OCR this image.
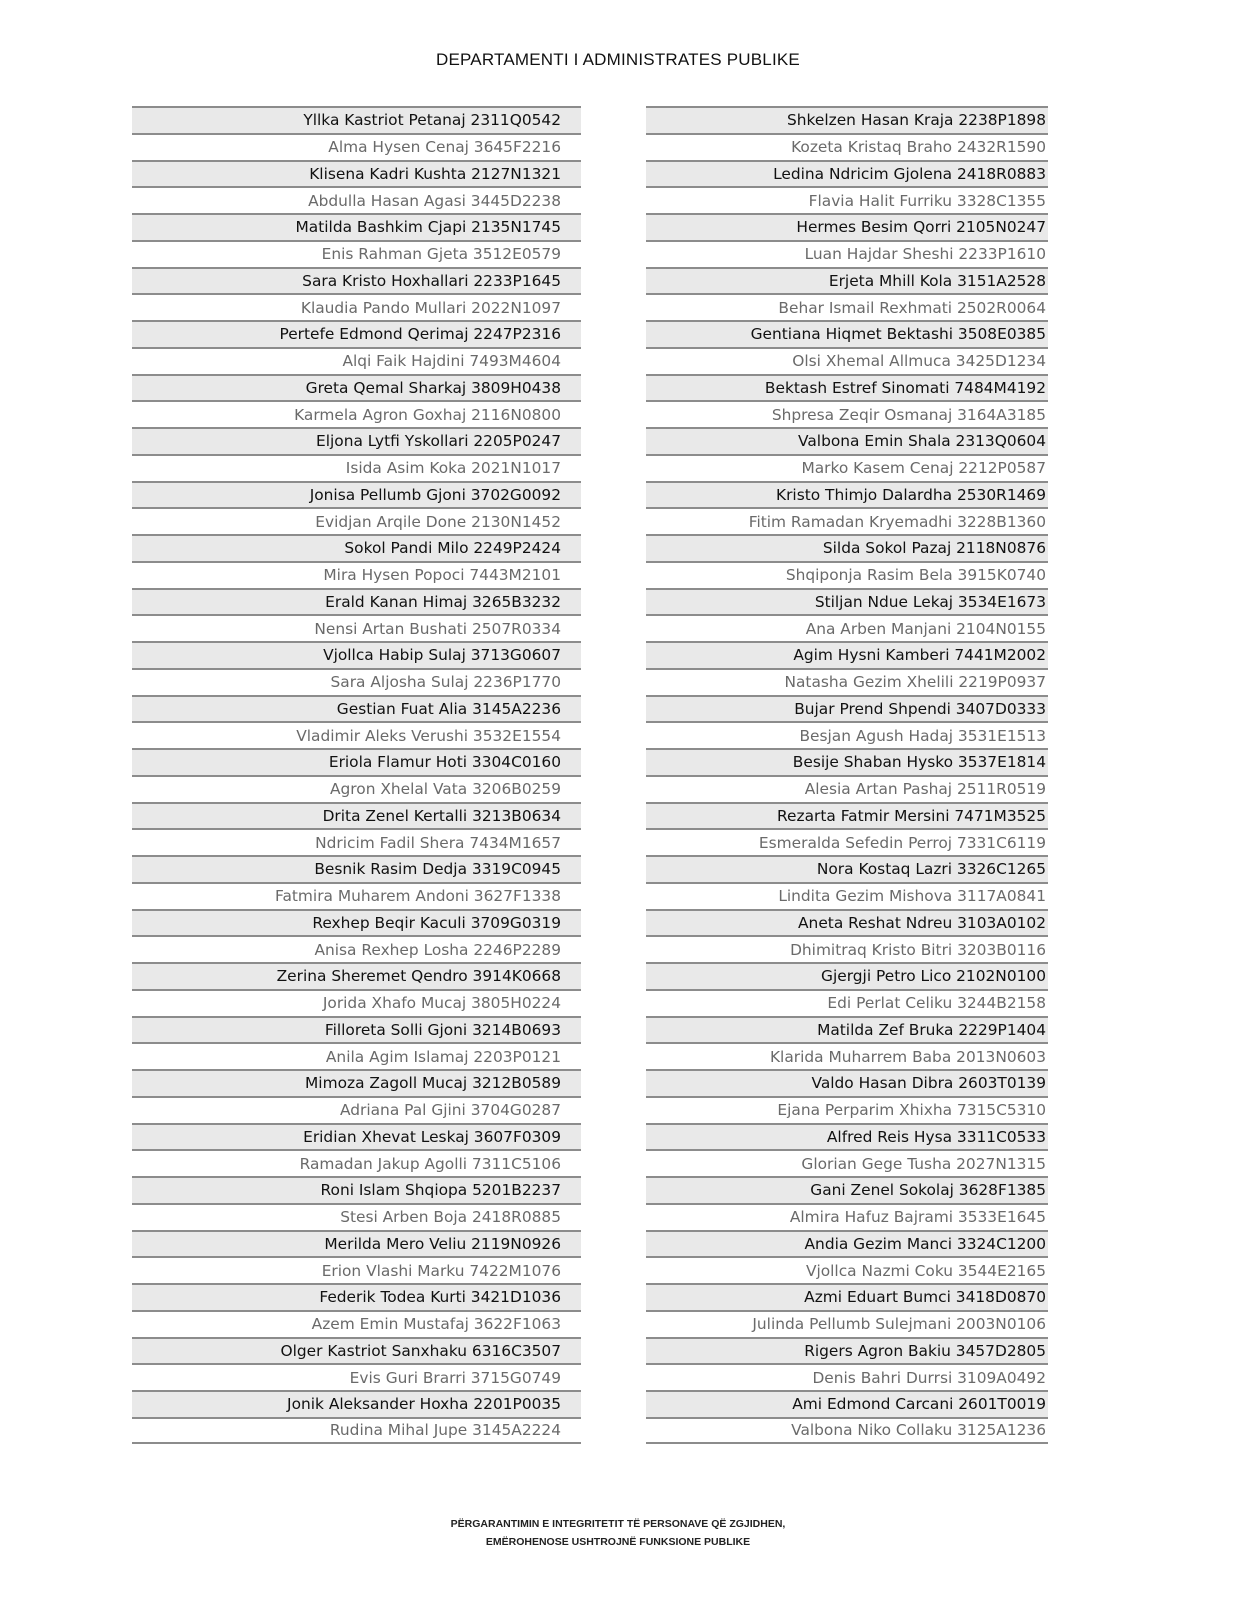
DEPARTAMENTI I ADMINISTRATES PUBLIKE
Yllka Kastriot Petanaj 2311Q0542
Alma Hysen Cenaj 3645F2216
Klisena Kadri Kushta 2127N1321
Abdulla Hasan Agasi 3445D2238
Matilda Bashkim Cjapi 2135N1745
Enis Rahman Gjeta 3512E0579
Sara Kristo Hoxhallari 2233P1645
Klaudia Pando Mullari 2022N1097
Pertefe Edmond Qerimaj 2247P2316
Alqi Faik Hajdini 7493M4604
Greta Qemal Sharkaj 3809H0438
Karmela Agron Goxhaj 2116N0800
Eljona Lytfi Yskollari 2205P0247
Isida Asim Koka 2021N1017
Jonisa Pellumb Gjoni 3702G0092
Evidjan Arqile Done 2130N1452
Sokol Pandi Milo 2249P2424
Mira Hysen Popoci 7443M2101
Erald Kanan Himaj 3265B3232
Nensi Artan Bushati 2507R0334
Vjollca Habip Sulaj 3713G0607
Sara Aljosha Sulaj 2236P1770
Gestian Fuat Alia 3145A2236
Vladimir Aleks Verushi 3532E1554
Eriola Flamur Hoti 3304C0160
Agron Xhelal Vata 3206B0259
Drita Zenel Kertalli 3213B0634
Ndricim Fadil Shera 7434M1657
Besnik Rasim Dedja 3319C0945
Fatmira Muharem Andoni 3627F1338
Rexhep Beqir Kaculi 3709G0319
Anisa Rexhep Losha 2246P2289
Zerina Sheremet Qendro 3914K0668
Jorida Xhafo Mucaj 3805H0224
Filloreta Solli Gjoni 3214B0693
Anila Agim Islamaj 2203P0121
Mimoza Zagoll Mucaj 3212B0589
Adriana Pal Gjini 3704G0287
Eridian Xhevat Leskaj 3607F0309
Ramadan Jakup Agolli 7311C5106
Roni Islam Shqiopa 5201B2237
Stesi Arben Boja 2418R0885
Merilda Mero Veliu 2119N0926
Erion Vlashi Marku 7422M1076
Federik Todea Kurti 3421D1036
Azem Emin Mustafaj 3622F1063
Olger Kastriot Sanxhaku 6316C3507
Evis Guri Brarri 3715G0749
Jonik Aleksander Hoxha 2201P0035
Rudina Mihal Jupe 3145A2224
Shkelzen Hasan Kraja 2238P1898
Kozeta Kristaq Braho 2432R1590
Ledina Ndricim Gjolena 2418R0883
Flavia Halit Furriku 3328C1355
Hermes Besim Qorri 2105N0247
Luan Hajdar Sheshi 2233P1610
Erjeta Mhill Kola 3151A2528
Behar Ismail Rexhmati 2502R0064
Gentiana Hiqmet Bektashi 3508E0385
Olsi Xhemal Allmuca 3425D1234
Bektash Estref Sinomati 7484M4192
Shpresa Zeqir Osmanaj 3164A3185
Valbona Emin Shala 2313Q0604
Marko Kasem Cenaj 2212P0587
Kristo Thimjo Dalardha 2530R1469
Fitim Ramadan Kryemadhi 3228B1360
Silda Sokol Pazaj 2118N0876
Shqiponja Rasim Bela 3915K0740
Stiljan Ndue Lekaj 3534E1673
Ana Arben Manjani 2104N0155
Agim Hysni Kamberi 7441M2002
Natasha Gezim Xhelili 2219P0937
Bujar Prend Shpendi 3407D0333
Besjan Agush Hadaj 3531E1513
Besije Shaban Hysko 3537E1814
Alesia Artan Pashaj 2511R0519
Rezarta Fatmir Mersini 7471M3525
Esmeralda Sefedin Perroj 7331C6119
Nora Kostaq Lazri 3326C1265
Lindita Gezim Mishova 3117A0841
Aneta Reshat Ndreu 3103A0102
Dhimitraq Kristo Bitri 3203B0116
Gjergji Petro Lico 2102N0100
Edi Perlat Celiku 3244B2158
Matilda Zef Bruka 2229P1404
Klarida Muharrem Baba 2013N0603
Valdo Hasan Dibra 2603T0139
Ejana Perparim Xhixha 7315C5310
Alfred Reis Hysa 3311C0533
Glorian Gege Tusha 2027N1315
Gani Zenel Sokolaj 3628F1385
Almira Hafuz Bajrami 3533E1645
Andia Gezim Manci 3324C1200
Vjollca Nazmi Coku 3544E2165
Azmi Eduart Bumci 3418D0870
Julinda Pellumb Sulejmani 2003N0106
Rigers Agron Bakiu 3457D2805
Denis Bahri Durrsi 3109A0492
Ami Edmond Carcani 2601T0019
Valbona Niko Collaku 3125A1236
PËRGARANTIMIN E INTEGRITETIT TË PERSONAVE QË ZGJIDHEN,
EMËROHENOSE USHTROJNË FUNKSIONE PUBLIKE
